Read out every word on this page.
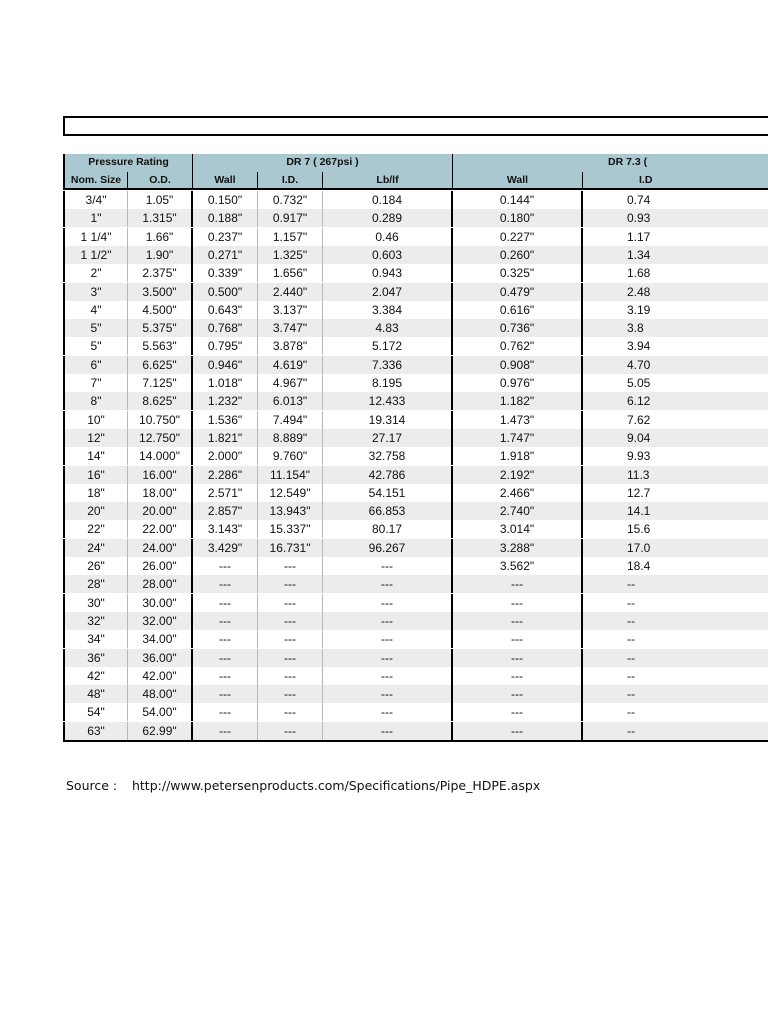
Pressure Rating	DR 7 ( 267psi )	DR 7.3 (
Nom. Size	O.D.	Wall	I.D.	Lb/lf	Wall	I.D
3/4"	1.05"	0.150"	0.732"	0.184	0.144"	0.74
1"	1.315"	0.188"	0.917"	0.289	0.180"	0.93
1 1/4"	1.66"	0.237"	1.157"	0.46	0.227"	1.17
1 1/2"	1.90"	0.271"	1.325"	0.603	0.260"	1.34
2"	2.375"	0.339"	1.656"	0.943	0.325"	1.68
3"	3.500"	0.500"	2.440"	2.047	0.479"	2.48
4"	4.500"	0.643"	3.137"	3.384	0.616"	3.19
5"	5.375"	0.768"	3.747"	4.83	0.736"	3.8
5"	5.563"	0.795"	3.878"	5.172	0.762"	3.94
6"	6.625"	0.946"	4.619"	7.336	0.908"	4.70
7"	7.125"	1.018"	4.967"	8.195	0.976"	5.05
8"	8.625"	1.232"	6.013"	12.433	1.182"	6.12
10"	10.750"	1.536"	7.494"	19.314	1.473"	7.62
12"	12.750"	1.821"	8.889"	27.17	1.747"	9.04
14"	14.000"	2.000"	9.760"	32.758	1.918"	9.93
16"	16.00"	2.286"	11.154"	42.786	2.192"	11.3
18"	18.00"	2.571"	12.549"	54.151	2.466"	12.7
20"	20.00"	2.857"	13.943"	66.853	2.740"	14.1
22"	22.00"	3.143"	15.337"	80.17	3.014"	15.6
24"	24.00"	3.429"	16.731"	96.267	3.288"	17.0
26"	26.00"	---	---	---	3.562"	18.4
28"	28.00"	---	---	---	---	--
30"	30.00"	---	---	---	---	--
32"	32.00"	---	---	---	---	--
34"	34.00"	---	---	---	---	--
36"	36.00"	---	---	---	---	--
42"	42.00"	---	---	---	---	--
48"	48.00"	---	---	---	---	--
54"	54.00"	---	---	---	---	--
63"	62.99"	---	---	---	---	--
Source : http://www.petersenproducts.com/Specifications/Pipe_HDPE.aspx
